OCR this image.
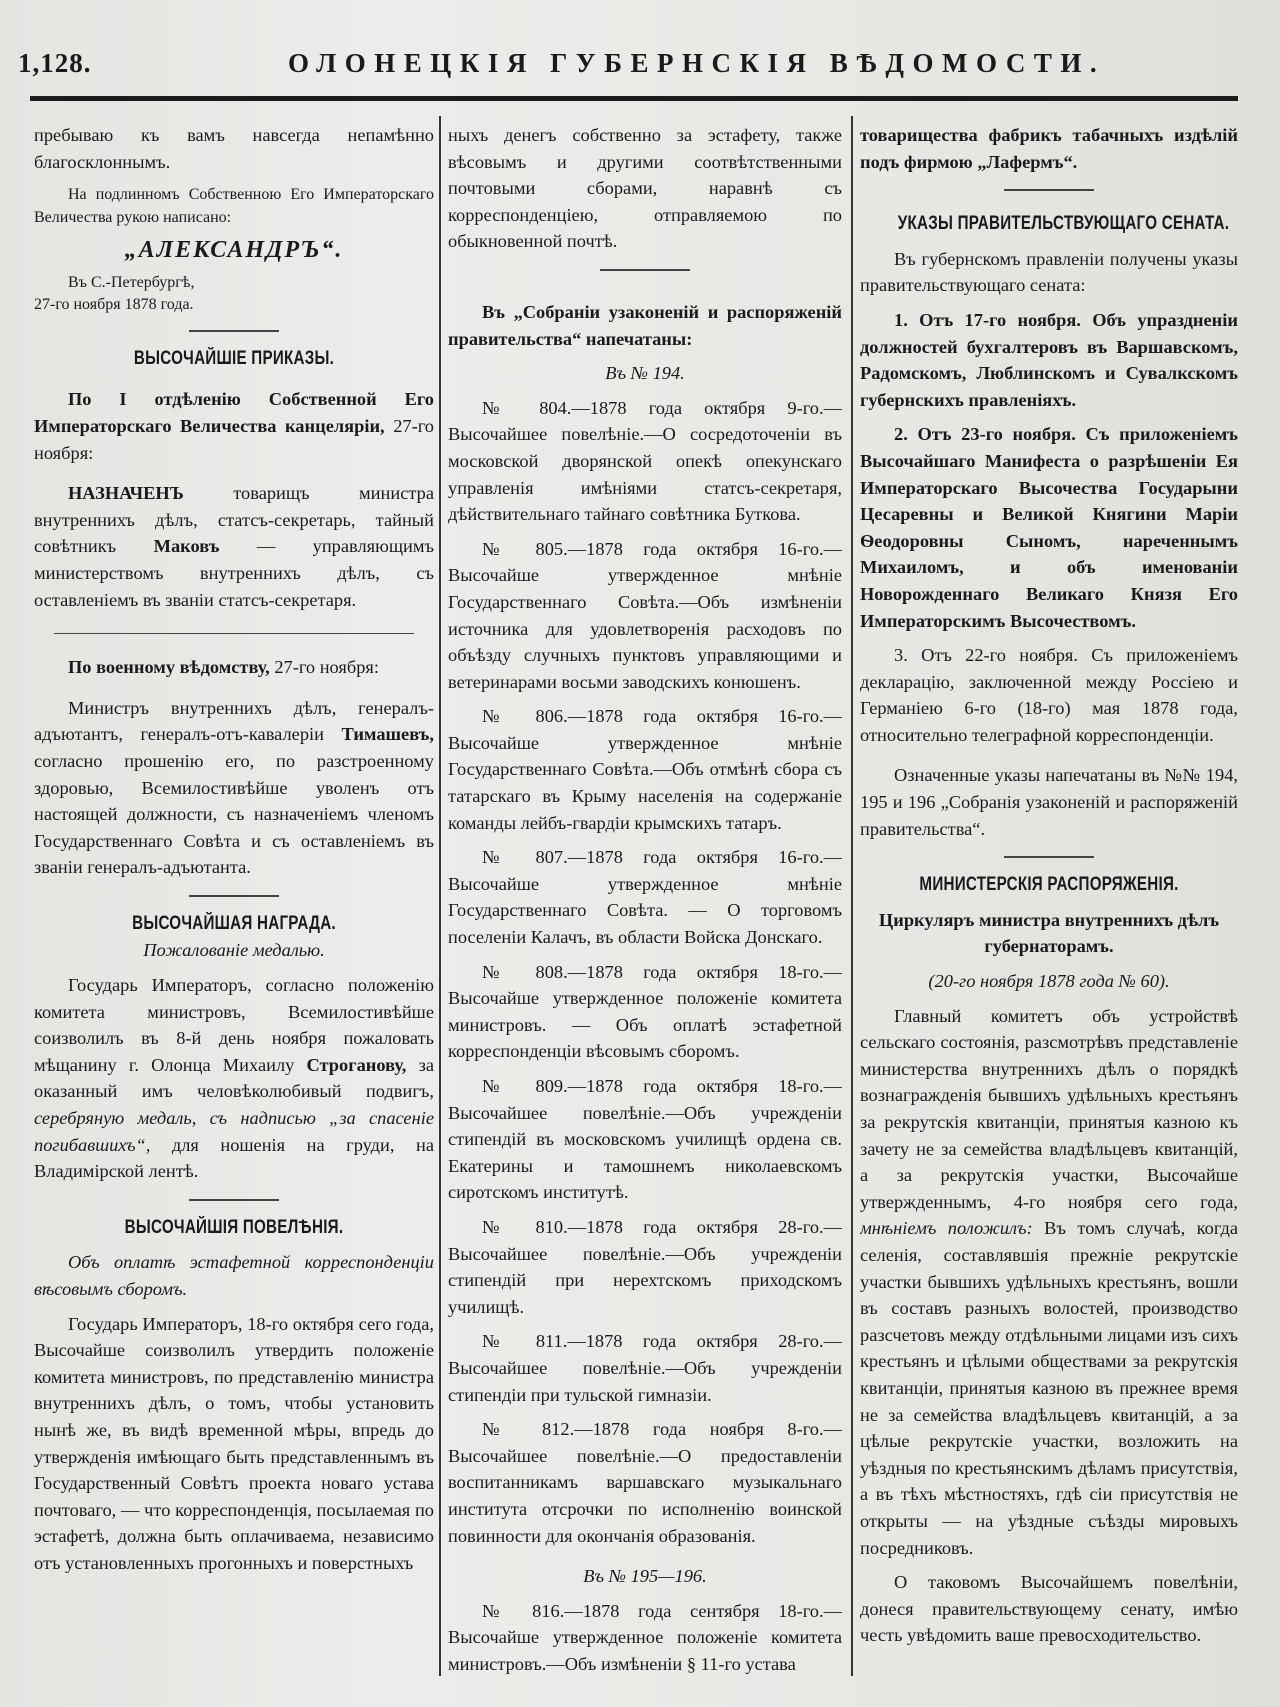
1,128.	ОЛОНЕЦКІЯ ГУБЕРНСКІЯ ВѢДОМОСТИ.

пребываю къ вамъ навсегда непамѣнно благосклоннымъ.

На подлинномъ Собственною Его Императорскаго Величества рукою написано:

„АЛЕКСАНДРЪ“.

Въ С.-Петербургѣ,

27-го ноября 1878 года.

ВЫСОЧАЙШІЕ ПРИКАЗЫ.

По I отдѣленію Собственной Его Императорскаго Величества канцеляріи, 27-го ноября:

НАЗНАЧЕНЪ товарищъ министра внутреннихъ дѣлъ, статсъ-секретарь, тайный совѣтникъ Маковъ — управляющимъ министерствомъ внутреннихъ дѣлъ, съ оставленіемъ въ званіи статсъ-секретаря.

По военному вѣдомству, 27-го ноября:

Министръ внутреннихъ дѣлъ, генералъ-адъютантъ, генералъ-отъ-кавалеріи Тимашевъ, согласно прошенію его, по разстроенному здоровью, Всемилостивѣйше уволенъ отъ настоящей должности, съ назначеніемъ членомъ Государственнаго Совѣта и съ оставленіемъ въ званіи генералъ-адъютанта.

ВЫСОЧАЙШАЯ НАГРАДА.

Пожалованіе медалью.

Государь Императоръ, согласно положенію комитета министровъ, Всемилостивѣйше соизволилъ въ 8-й день ноября пожаловать мѣщанину г. Олонца Михаилу Строганову, за оказанный имъ человѣколюбивый подвигъ, серебряную медаль, съ надписью „за спасеніе погибавшихъ“, для ношенія на груди, на Владимірской лентѣ.

ВЫСОЧАЙШІЯ ПОВЕЛѢНІЯ.

Объ оплатѣ эстафетной корреспонденціи вѣсовымъ сборомъ.

Государь Императоръ, 18-го октября сего года, Высочайше соизволилъ утвердить положеніе комитета министровъ, по представленію министра внутреннихъ дѣлъ, о томъ, чтобы установить нынѣ же, въ видѣ временной мѣры, впредь до утвержденія имѣющаго быть представленнымъ въ Государственный Совѣтъ проекта новаго устава почтоваго, — что корреспонденція, посылаемая по эстафетѣ, должна быть оплачиваема, независимо отъ установленныхъ прогонныхъ и поверстныхъ

ныхъ денегъ собственно за эстафету, также вѣсовымъ и другими соотвѣтственными почтовыми сборами, наравнѣ съ корреспонденціею, отправляемою по обыкновенной почтѣ.

Въ „Собраніи узаконеній и распоряженій правительства“ напечатаны:

Въ № 194.

№ 804.—1878 года октября 9-го.—Высочайшее повелѣніе.—О сосредоточеніи въ московской дворянской опекѣ опекунскаго управленія имѣніями статсъ-секретаря, дѣйствительнаго тайнаго совѣтника Буткова.

№ 805.—1878 года октября 16-го.—Высочайше утвержденное мнѣніе Государственнаго Совѣта.—Объ измѣненіи источника для удовлетворенія расходовъ по объѣзду случныхъ пунктовъ управляющими и ветеринарами восьми заводскихъ конюшенъ.

№ 806.—1878 года октября 16-го.—Высочайше утвержденное мнѣніе Государственнаго Совѣта.—Объ отмѣнѣ сбора съ татарскаго въ Крыму населенія на содержаніе команды лейбъ-гвардіи крымскихъ татаръ.

№ 807.—1878 года октября 16-го.—Высочайше утвержденное мнѣніе Государственнаго Совѣта. — О торговомъ поселеніи Калачъ, въ области Войска Донскаго.

№ 808.—1878 года октября 18-го.—Высочайше утвержденное положеніе комитета министровъ. — Объ оплатѣ эстафетной корреспонденціи вѣсовымъ сборомъ.

№ 809.—1878 года октября 18-го.—Высочайшее повелѣніе.—Объ учрежденіи стипендій въ московскомъ училищѣ ордена св. Екатерины и тамошнемъ николаевскомъ сиротскомъ институтѣ.

№ 810.—1878 года октября 28-го.—Высочайшее повелѣніе.—Объ учрежденіи стипендій при нерехтскомъ приходскомъ училищѣ.

№ 811.—1878 года октября 28-го.—Высочайшее повелѣніе.—Объ учрежденіи стипендіи при тульской гимназіи.

№ 812.—1878 года ноября 8-го.—Высочайшее повелѣніе.—О предоставленіи воспитанникамъ варшавскаго музыкальнаго института отсрочки по исполненію воинской повинности для окончанія образованія.

Въ № 195—196.

№ 816.—1878 года сентября 18-го.—Высочайше утвержденное положеніе комитета министровъ.—Объ измѣненіи § 11-го устава

товарищества фабрикъ табачныхъ издѣлій подъ фирмою „Лафермъ“.

УКАЗЫ ПРАВИТЕЛЬСТВУЮЩАГО СЕНАТА.

Въ губернскомъ правленіи получены указы правительствующаго сената:

1. Отъ 17-го ноября. Объ упраздненіи должностей бухгалтеровъ въ Варшавскомъ, Радомскомъ, Люблинскомъ и Сувалкскомъ губернскихъ правленіяхъ.

2. Отъ 23-го ноября. Съ приложеніемъ Высочайшаго Манифеста о разрѣшеніи Ея Императорскаго Высочества Государыни Цесаревны и Великой Княгини Маріи Ѳеодоровны Сыномъ, нареченнымъ Михаиломъ, и объ именованіи Новорожденнаго Великаго Князя Его Императорскимъ Высочествомъ.

3. Отъ 22-го ноября. Съ приложеніемъ декларацію, заключенной между Россіею и Германіею 6-го (18-го) мая 1878 года, относительно телеграфной корреспонденціи.

Означенные указы напечатаны въ №№ 194, 195 и 196 „Собранія узаконеній и распоряженій правительства“.

МИНИСТЕРСКІЯ РАСПОРЯЖЕНІЯ.

Циркуляръ министра внутреннихъ дѣлъ губернаторамъ.

(20-го ноября 1878 года № 60).

Главный комитетъ объ устройствѣ сельскаго состоянія, разсмотрѣвъ представленіе министерства внутреннихъ дѣлъ о порядкѣ вознагражденія бывшихъ удѣльныхъ крестьянъ за рекрутскія квитанціи, принятыя казною къ зачету не за семейства владѣльцевъ квитанцій, а за рекрутскія участки, Высочайше утвержденнымъ, 4-го ноября сего года, мнѣніемъ положилъ: Въ томъ случаѣ, когда селенія, составлявшія прежніе рекрутскіе участки бывшихъ удѣльныхъ крестьянъ, вошли въ составъ разныхъ волостей, производство разсчетовъ между отдѣльными лицами изъ сихъ крестьянъ и цѣлыми обществами за рекрутскія квитанціи, принятыя казною въ прежнее время не за семейства владѣльцевъ квитанцій, а за цѣлые рекрутскіе участки, возложить на уѣздныя по крестьянскимъ дѣламъ присутствія, а въ тѣхъ мѣстностяхъ, гдѣ сіи присутствія не открыты — на уѣздные съѣзды мировыхъ посредниковъ.

О таковомъ Высочайшемъ повелѣніи, донеся правительствующему сенату, имѣю честь увѣдомить ваше превосходительство.
